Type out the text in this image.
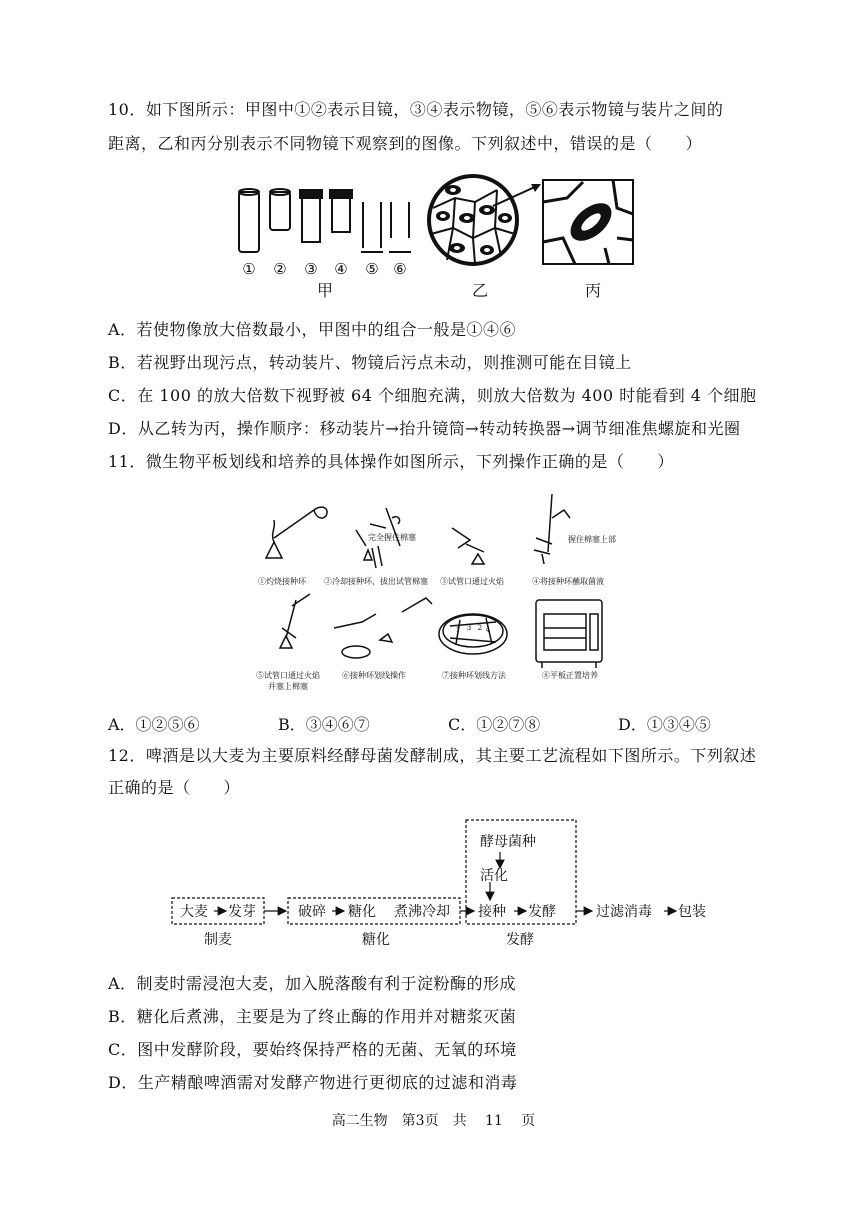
10．如下图所示：甲图中①②表示目镜，③④表示物镜，⑤⑥表示物镜与装片之间的
距离，乙和丙分别表示不同物镜下观察到的图像。下列叙述中，错误的是（　　）
① ② ③ ④ ⑤ ⑥
甲	乙	丙
A．若使物像放大倍数最小，甲图中的组合一般是①④⑥
B．若视野出现污点，转动装片、物镜后污点未动，则推测可能在目镜上
C．在 100 的放大倍数下视野被 64 个细胞充满，则放大倍数为 400 时能看到 4 个细胞
D．从乙转为丙，操作顺序：移动装片→抬升镜筒→转动转换器→调节细准焦螺旋和光圈
11．微生物平板划线和培养的具体操作如图所示，下列操作正确的是（　　）
4
3 2
1
完全握住棉塞	握住棉塞上部
①灼烧接种环 ②冷却接种环，拔出试管棉塞 ③试管口通过火焰	④将接种环蘸取菌液
⑤试管口通过火焰
并塞上棉塞
⑥接种环划线操作	⑦接种环划线方法	⑧平板正置培养
A．①②⑤⑥	B．③④⑥⑦	C．①②⑦⑧	D．①③④⑤
12．啤酒是以大麦为主要原料经酵母菌发酵制成，其主要工艺流程如下图所示。下列叙述
正确的是（　　）
大麦 发芽	破碎 糖化 煮沸冷却 接种 发酵	过滤消毒 包装
酵母菌种
活化
制麦	糖化	发酵
A．制麦时需浸泡大麦，加入脱落酸有利于淀粉酶的形成
B．糖化后煮沸，主要是为了终止酶的作用并对糖浆灭菌
C．图中发酵阶段，要始终保持严格的无菌、无氧的环境
D．生产精酿啤酒需对发酵产物进行更彻底的过滤和消毒
高二生物　第3页　共 11 页
